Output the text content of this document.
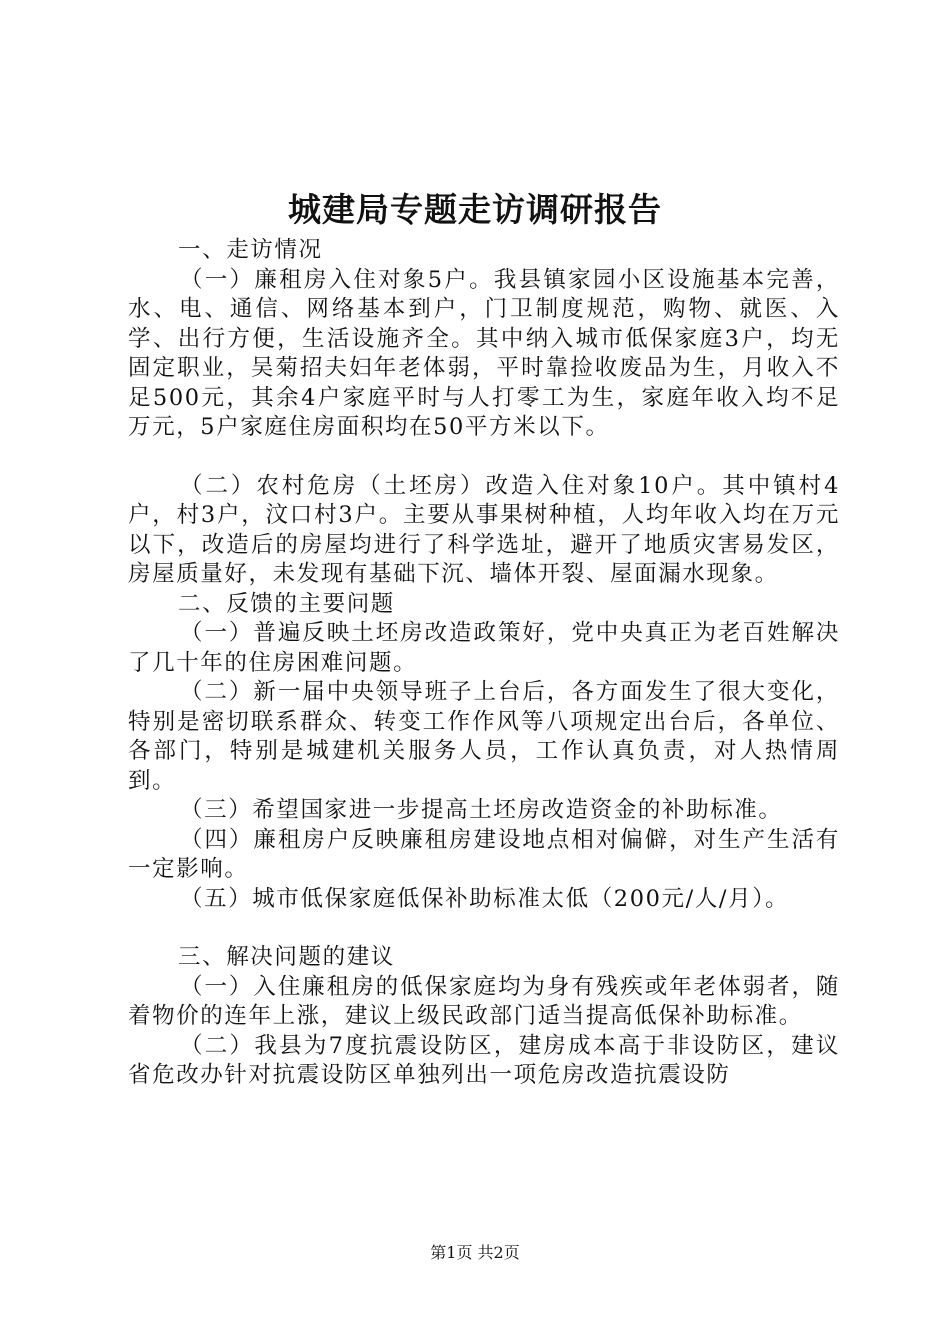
城建局专题走访调研报告

一、走访情况

（一）廉租房入住对象5户。我县镇家园小区设施基本完善，水、电、通信、网络基本到户，门卫制度规范，购物、就医、入学、出行方便，生活设施齐全。其中纳入城市低保家庭3户，均无固定职业，吴菊招夫妇年老体弱，平时靠捡收废品为生，月收入不足500元，其余4户家庭平时与人打零工为生，家庭年收入均不足万元，5户家庭住房面积均在50平方米以下。

（二）农村危房（土坯房）改造入住对象10户。其中镇村4户，村3户，汶口村3户。主要从事果树种植，人均年收入均在万元以下，改造后的房屋均进行了科学选址，避开了地质灾害易发区，房屋质量好，未发现有基础下沉、墙体开裂、屋面漏水现象。

二、反馈的主要问题

（一）普遍反映土坯房改造政策好，党中央真正为老百姓解决了几十年的住房困难问题。

（二）新一届中央领导班子上台后，各方面发生了很大变化，特别是密切联系群众、转变工作作风等八项规定出台后，各单位、各部门，特别是城建机关服务人员，工作认真负责，对人热情周到。

（三）希望国家进一步提高土坯房改造资金的补助标准。

（四）廉租房户反映廉租房建设地点相对偏僻，对生产生活有一定影响。

（五）城市低保家庭低保补助标准太低（200元/人/月）。

三、解决问题的建议

（一）入住廉租房的低保家庭均为身有残疾或年老体弱者，随着物价的连年上涨，建议上级民政部门适当提高低保补助标准。

（二）我县为7度抗震设防区，建房成本高于非设防区，建议省危改办针对抗震设防区单独列出一项危房改造抗震设防

第1页 共2页
